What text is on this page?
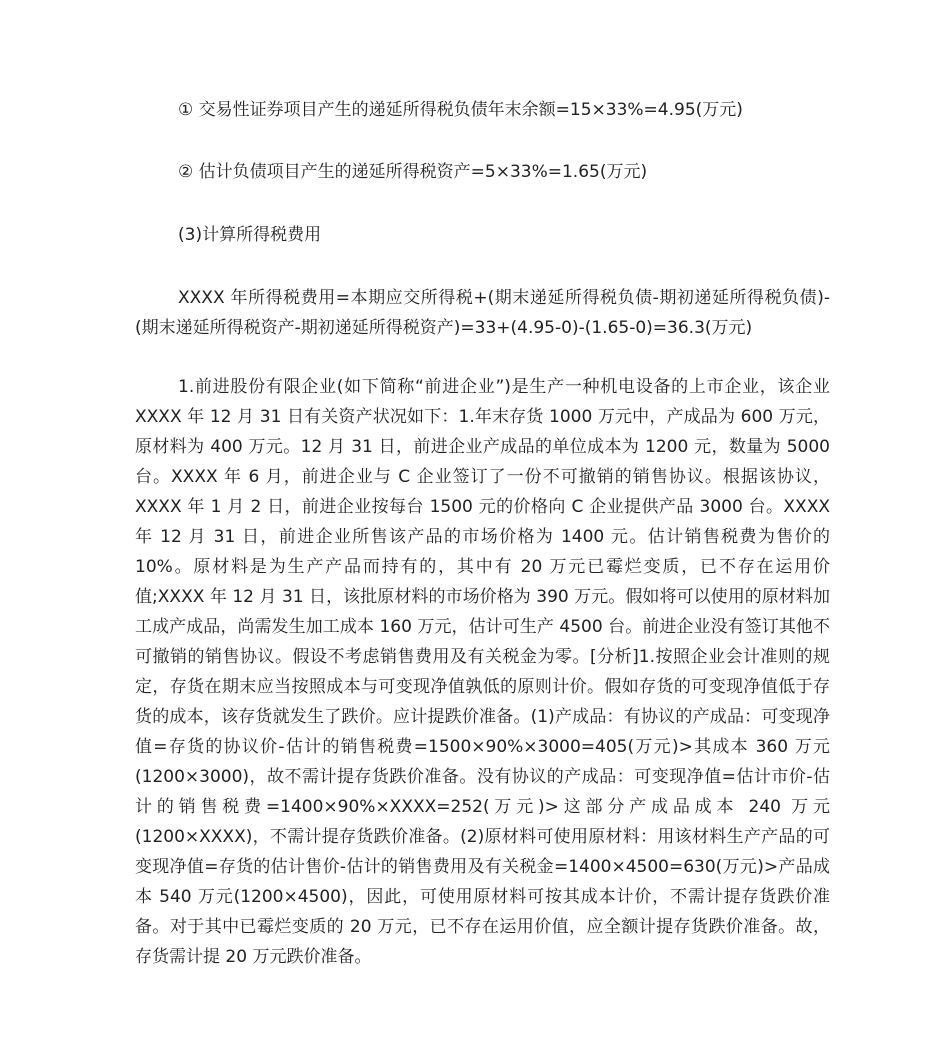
① 交易性证券项目产生的递延所得税负债年末余额=15×33%=4.95(万元)
② 估计负债项目产生的递延所得税资产=5×33%=1.65(万元)
(3)计算所得税费用

XXXX 年所得税费用=本期应交所得税+(期末递延所得税负债-期初递延所得税负债)-(期末递延所得税资产-期初递延所得税资产)=33+(4.95-0)-(1.65-0)=36.3(万元)

1.前进股份有限企业(如下简称“前进企业”)是生产一种机电设备的上市企业，该企业 XXXX 年 12 月 31 日有关资产状况如下：1.年末存货 1000 万元中，产成品为 600 万元，原材料为 400 万元。12 月 31 日，前进企业产成品的单位成本为 1200 元，数量为 5000 台。XXXX 年 6 月，前进企业与 C 企业签订了一份不可撤销的销售协议。根据该协议，XXXX 年 1 月 2 日，前进企业按每台 1500 元的价格向 C 企业提供产品 3000 台。XXXX 年 12 月 31 日，前进企业所售该产品的市场价格为 1400 元。估计销售税费为售价的 10%。原材料是为生产产品而持有的，其中有 20 万元已霉烂变质，已不存在运用价值;XXXX 年 12 月 31 日，该批原材料的市场价格为 390 万元。假如将可以使用的原材料加工成产成品，尚需发生加工成本 160 万元，估计可生产 4500 台。前进企业没有签订其他不可撤销的销售协议。假设不考虑销售费用及有关税金为零。[分析]1.按照企业会计准则的规定，存货在期末应当按照成本与可变现净值孰低的原则计价。假如存货的可变现净值低于存货的成本，该存货就发生了跌价。应计提跌价准备。(1)产成品：有协议的产成品：可变现净值=存货的协议价-估计的销售税费=1500×90%×3000=405(万元)>其成本 360 万元(1200×3000)，故不需计提存货跌价准备。没有协议的产成品：可变现净值=估计市价-估计的销售税费=1400×90%×XXXX=252(万元)>这部分产成品成本 240 万元(1200×XXXX)，不需计提存货跌价准备。(2)原材料可使用原材料：用该材料生产产品的可变现净值=存货的估计售价-估计的销售费用及有关税金=1400×4500=630(万元)>产品成本 540 万元(1200×4500)，因此，可使用原材料可按其成本计价，不需计提存货跌价准备。对于其中已霉烂变质的 20 万元，已不存在运用价值，应全额计提存货跌价准备。故，存货需计提 20 万元跌价准备。
